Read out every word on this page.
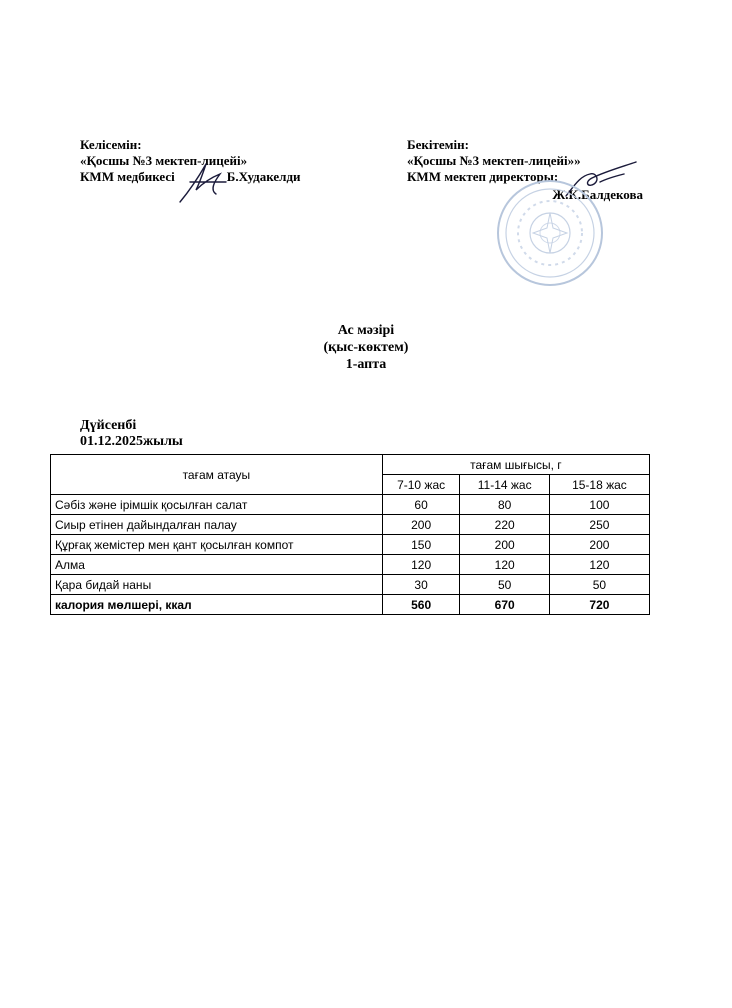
Келісемін:
«Қосшы №3 мектеп-лицейі»
КММ медбикесі	Б.Худакелди
Бекітемін:
«Қосшы №3 мектеп-лицейі»»
КММ мектеп директоры:
Ж.К.Балдекова
Ас мәзірі
(қыс-көктем)
1-апта
Дүйсенбі
01.12.2025жылы
тағам атауы	тағам шығысы, г		
	7-10 жас	11-14 жас	15-18 жас
Сәбіз және ірімшік қосылған салат	60	80	100
Сиыр етінен дайындалған палау	200	220	250
Құрғақ жемістер мен қант қосылған компот	150	200	200
Алма	120	120	120
Қара бидай наны	30	50	50
калория мөлшері, ккал	560	670	720
